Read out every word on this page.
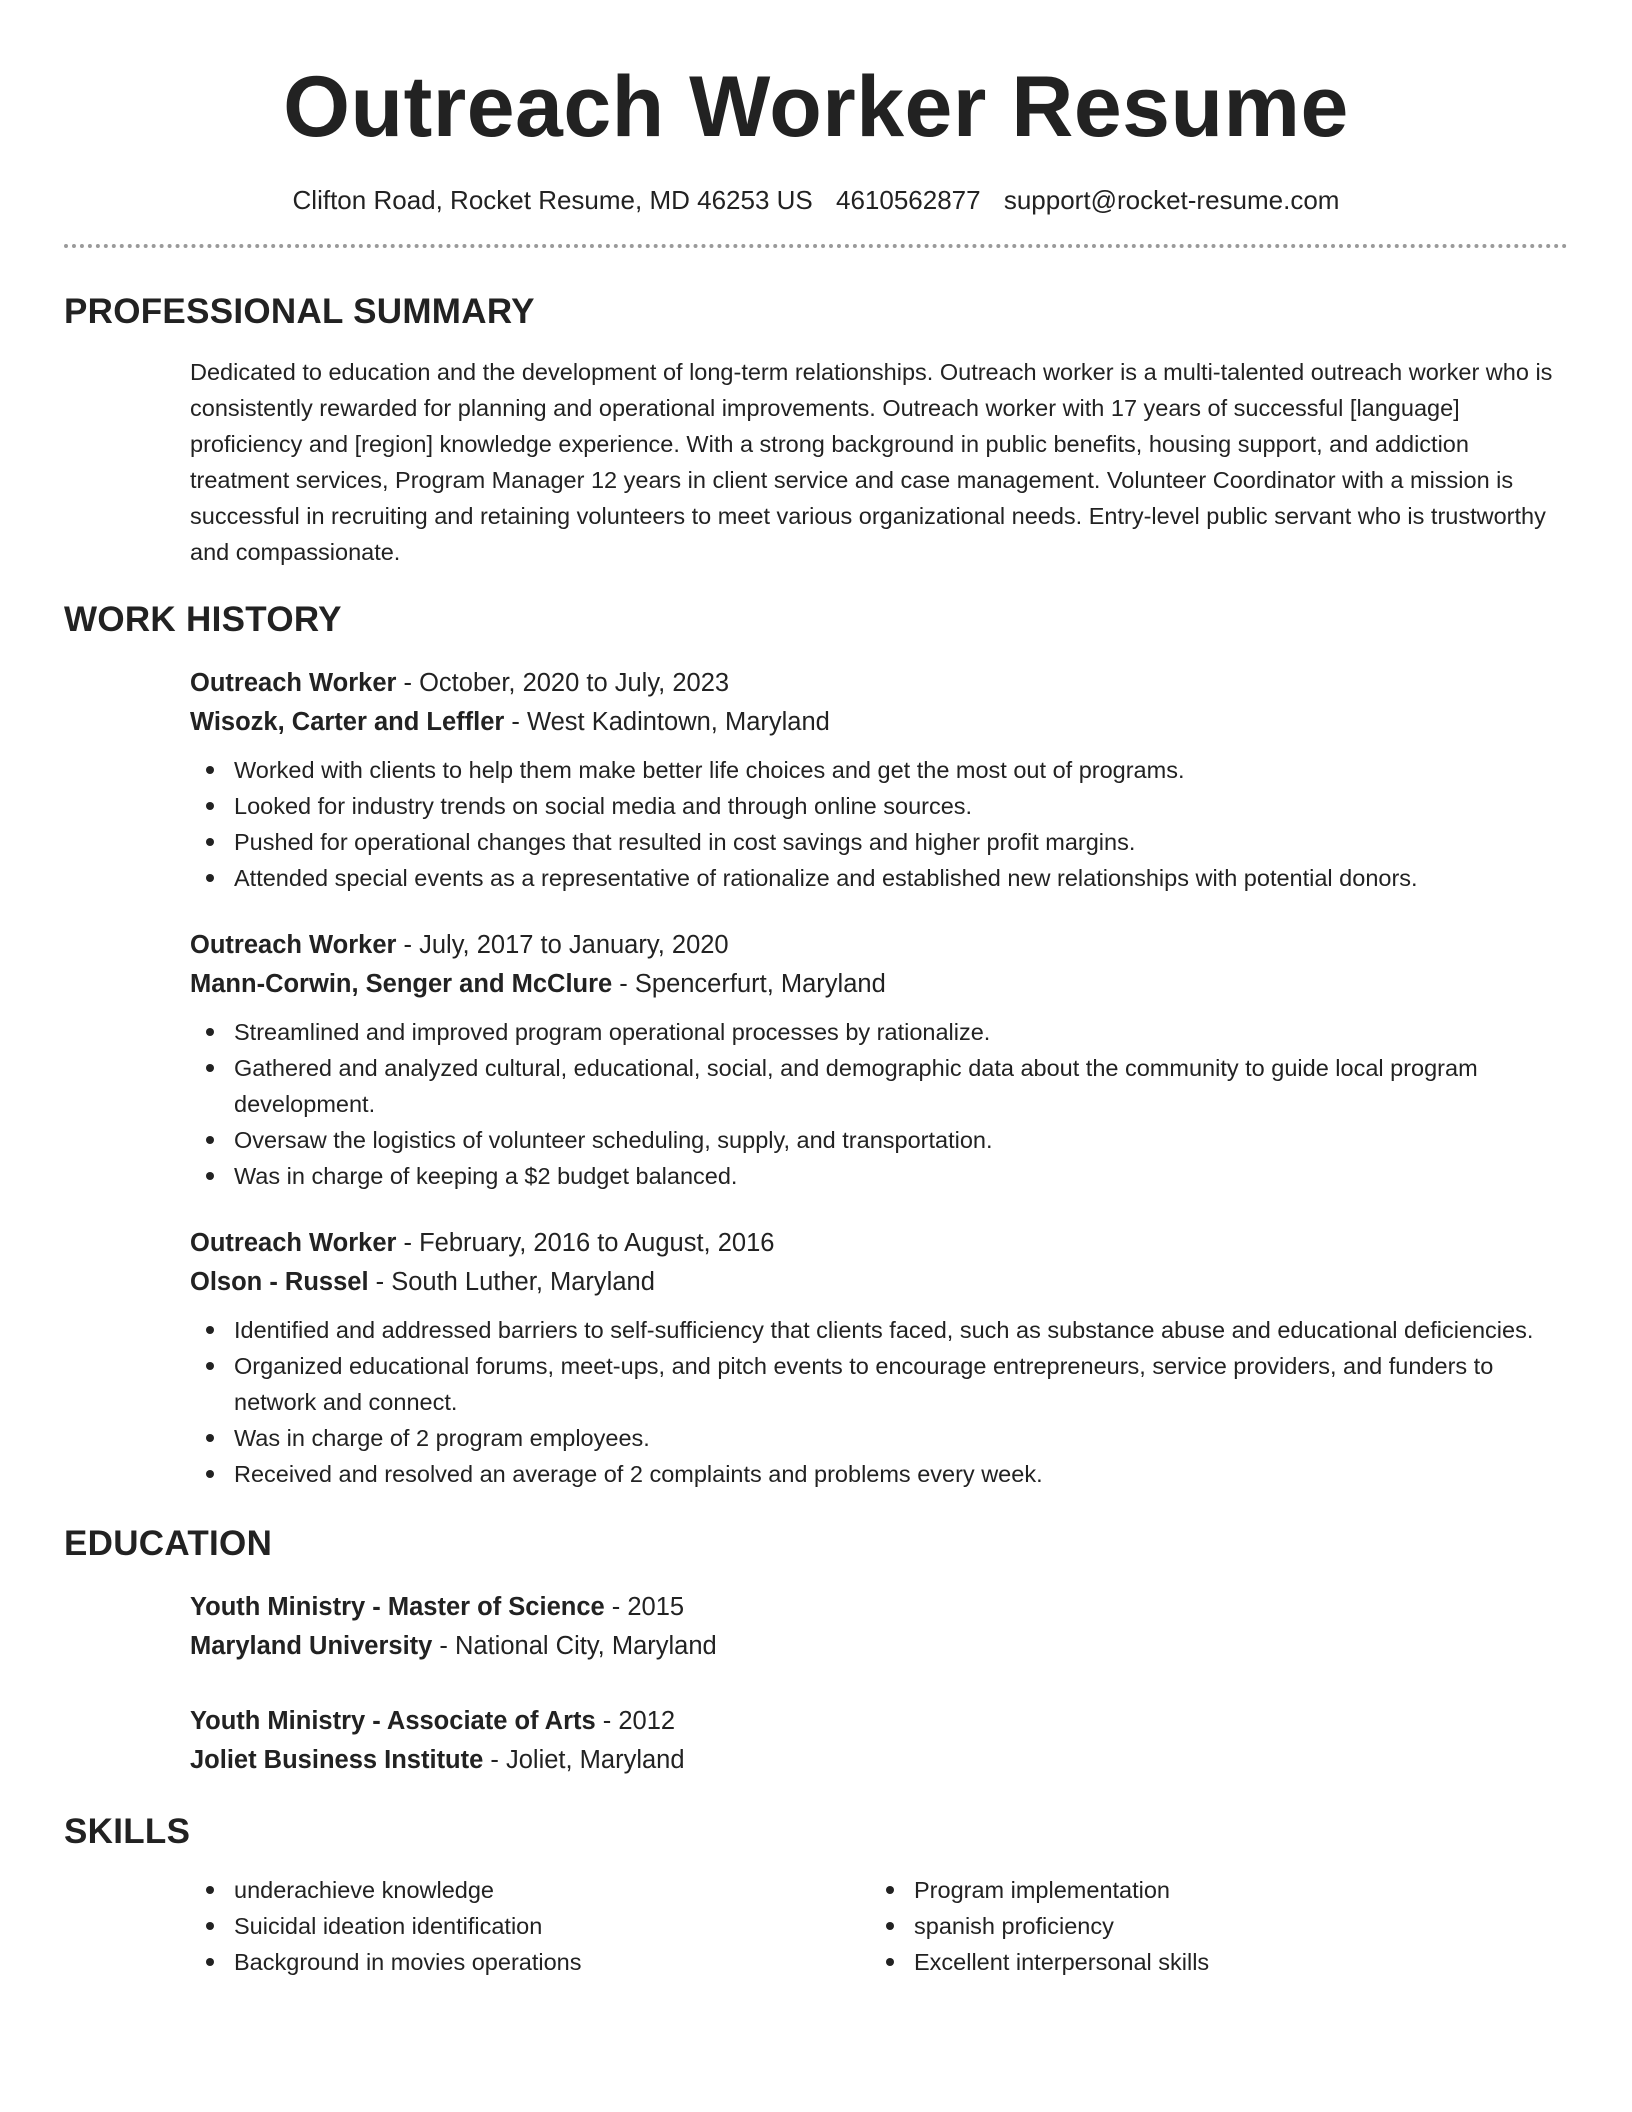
Outreach Worker Resume
Clifton Road, Rocket Resume, MD 46253 US 4610562877 support@rocket-resume.com
PROFESSIONAL SUMMARY

Dedicated to education and the development of long-term relationships. Outreach worker is a multi-talented outreach worker who is consistently rewarded for planning and operational improvements. Outreach worker with 17 years of successful [language] proficiency and [region] knowledge experience. With a strong background in public benefits, housing support, and addiction treatment services, Program Manager 12 years in client service and case management. Volunteer Coordinator with a mission is successful in recruiting and retaining volunteers to meet various organizational needs. Entry-level public servant who is trustworthy and compassionate.

WORK HISTORY
Outreach Worker - October, 2020 to July, 2023
Wisozk, Carter and Leffler - West Kadintown, Maryland
Worked with clients to help them make better life choices and get the most out of programs.
Looked for industry trends on social media and through online sources.
Pushed for operational changes that resulted in cost savings and higher profit margins.
Attended special events as a representative of rationalize and established new relationships with potential donors.
Outreach Worker - July, 2017 to January, 2020
Mann-Corwin, Senger and McClure - Spencerfurt, Maryland
Streamlined and improved program operational processes by rationalize.
Gathered and analyzed cultural, educational, social, and demographic data about the community to guide local program development.
Oversaw the logistics of volunteer scheduling, supply, and transportation.
Was in charge of keeping a $2 budget balanced.
Outreach Worker - February, 2016 to August, 2016
Olson - Russel - South Luther, Maryland
Identified and addressed barriers to self-sufficiency that clients faced, such as substance abuse and educational deficiencies.
Organized educational forums, meet-ups, and pitch events to encourage entrepreneurs, service providers, and funders to network and connect.
Was in charge of 2 program employees.
Received and resolved an average of 2 complaints and problems every week.
EDUCATION
Youth Ministry - Master of Science - 2015
Maryland University - National City, Maryland
Youth Ministry - Associate of Arts - 2012
Joliet Business Institute - Joliet, Maryland
SKILLS
underachieve knowledge
Suicidal ideation identification
Background in movies operations
Program implementation
spanish proficiency
Excellent interpersonal skills
